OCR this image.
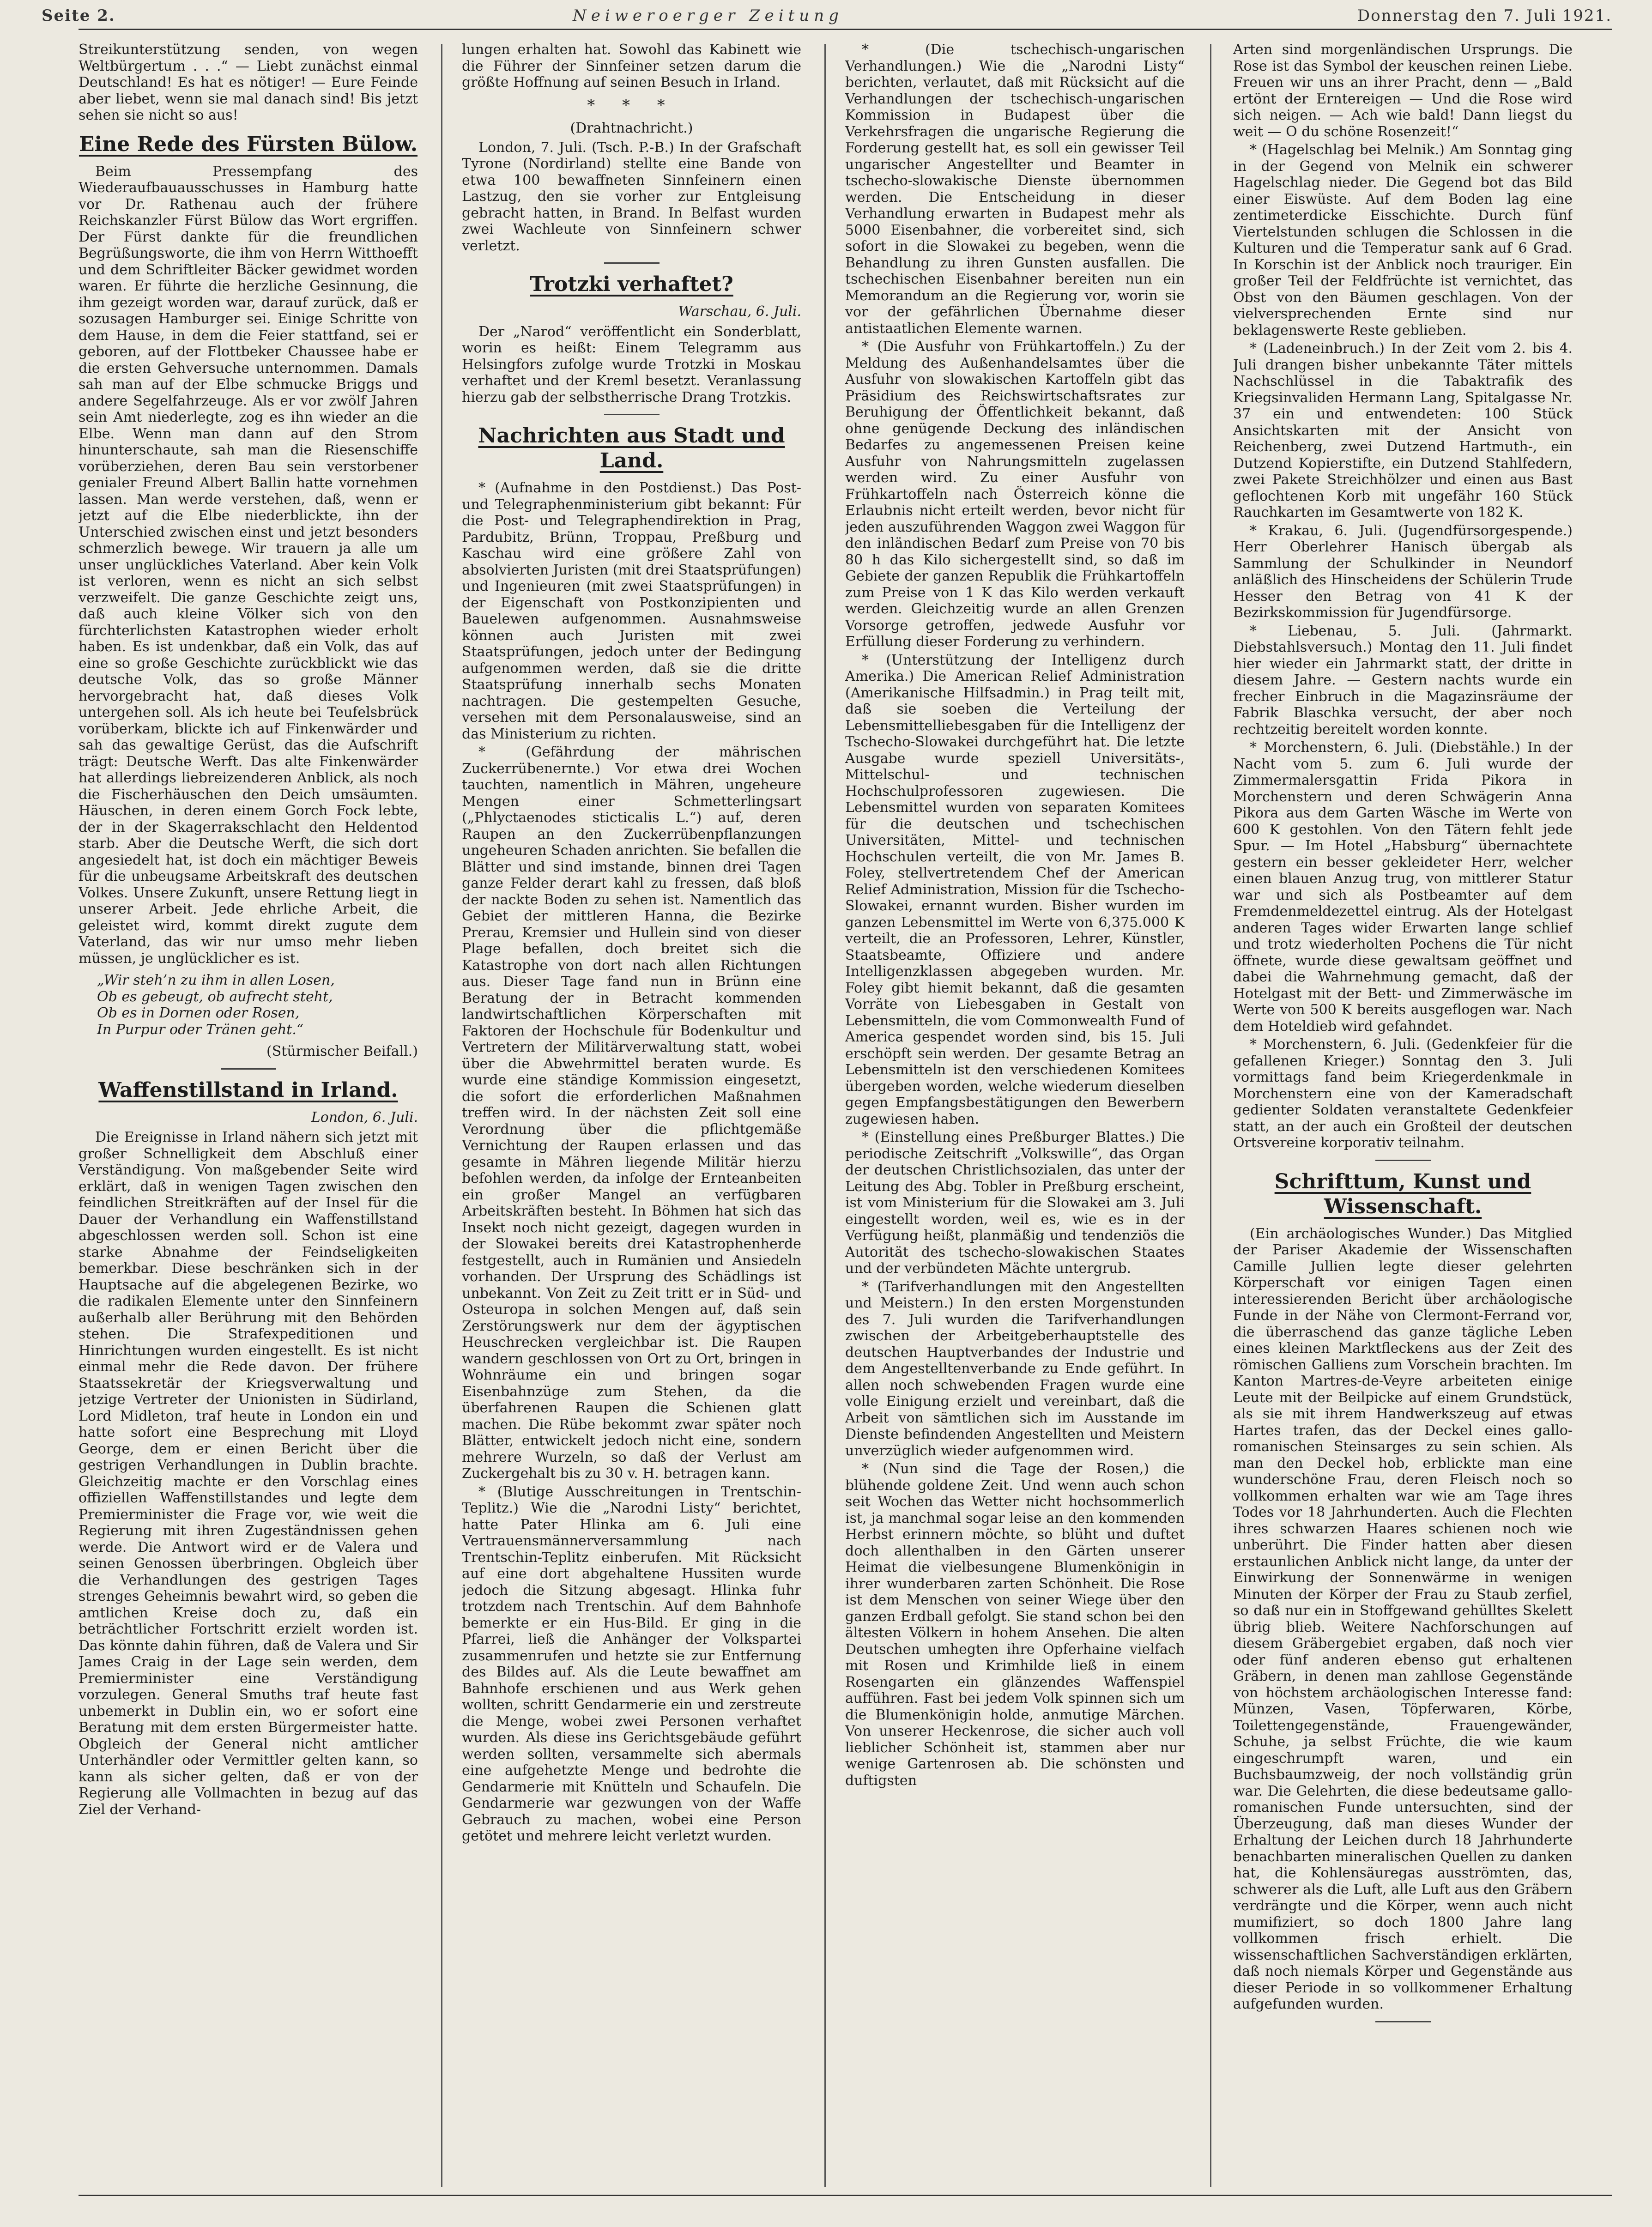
Seite 2.	Neiweroerger Zeitung	Donnerstag den 7. Juli 1921.

Streikunterstützung senden, von wegen Weltbürgertum . . .“ — Liebt zunächst einmal Deutschland! Es hat es nötiger! — Eure Feinde aber liebet, wenn sie mal danach sind! Bis jetzt sehen sie nicht so aus!

Eine Rede des Fürsten Bülow.

Beim Pressempfang des Wiederaufbauausschusses in Hamburg hatte vor Dr. Rathenau auch der frühere Reichskanzler Fürst Bülow das Wort ergriffen. Der Fürst dankte für die freundlichen Begrüßungsworte, die ihm von Herrn Witthoefft und dem Schriftleiter Bäcker gewidmet worden waren. Er führte die herzliche Gesinnung, die ihm gezeigt worden war, darauf zurück, daß er sozusagen Hamburger sei. Einige Schritte von dem Hause, in dem die Feier stattfand, sei er geboren, auf der Flottbeker Chaussee habe er die ersten Gehversuche unternommen. Damals sah man auf der Elbe schmucke Briggs und andere Segelfahrzeuge. Als er vor zwölf Jahren sein Amt niederlegte, zog es ihn wieder an die Elbe. Wenn man dann auf den Strom hinunterschaute, sah man die Riesenschiffe vorüberziehen, deren Bau sein verstorbener genialer Freund Albert Ballin hatte vornehmen lassen. Man werde verstehen, daß, wenn er jetzt auf die Elbe niederblickte, ihn der Unterschied zwischen einst und jetzt besonders schmerzlich bewege. Wir trauern ja alle um unser unglückliches Vaterland. Aber kein Volk ist verloren, wenn es nicht an sich selbst verzweifelt. Die ganze Geschichte zeigt uns, daß auch kleine Völker sich von den fürchterlichsten Katastrophen wieder erholt haben. Es ist undenkbar, daß ein Volk, das auf eine so große Geschichte zurückblickt wie das deutsche Volk, das so große Männer hervorgebracht hat, daß dieses Volk untergehen soll. Als ich heute bei Teufelsbrück vorüberkam, blickte ich auf Finkenwärder und sah das gewaltige Gerüst, das die Aufschrift trägt: Deutsche Werft. Das alte Finkenwärder hat allerdings liebreizenderen Anblick, als noch die Fischerhäuschen den Deich umsäumten. Häuschen, in deren einem Gorch Fock lebte, der in der Skagerrakschlacht den Heldentod starb. Aber die Deutsche Werft, die sich dort angesiedelt hat, ist doch ein mächtiger Beweis für die unbeugsame Arbeitskraft des deutschen Volkes. Unsere Zukunft, unsere Rettung liegt in unserer Arbeit. Jede ehrliche Arbeit, die geleistet wird, kommt direkt zugute dem Vaterland, das wir nur umso mehr lieben müssen, je unglücklicher es ist.

„Wir steh’n zu ihm in allen Losen,
Ob es gebeugt, ob aufrecht steht,
Ob es in Dornen oder Rosen,
In Purpur oder Tränen geht.“
(Stürmischer Beifall.)
Waffenstillstand in Irland.
London, 6. Juli.

Die Ereignisse in Irland nähern sich jetzt mit großer Schnelligkeit dem Abschluß einer Verständigung. Von maßgebender Seite wird erklärt, daß in wenigen Tagen zwischen den feindlichen Streitkräften auf der Insel für die Dauer der Verhandlung ein Waffenstillstand abgeschlossen werden soll. Schon ist eine starke Abnahme der Feindseligkeiten bemerkbar. Diese beschränken sich in der Hauptsache auf die abgelegenen Bezirke, wo die radikalen Elemente unter den Sinnfeinern außerhalb aller Berührung mit den Behörden stehen. Die Strafexpeditionen und Hinrichtungen wurden eingestellt. Es ist nicht einmal mehr die Rede davon. Der frühere Staatssekretär der Kriegsverwaltung und jetzige Vertreter der Unionisten in Südirland, Lord Midleton, traf heute in London ein und hatte sofort eine Besprechung mit Lloyd George, dem er einen Bericht über die gestrigen Verhandlungen in Dublin brachte. Gleichzeitig machte er den Vorschlag eines offiziellen Waffenstillstandes und legte dem Premierminister die Frage vor, wie weit die Regierung mit ihren Zugeständnissen gehen werde. Die Antwort wird er de Valera und seinen Genossen überbringen. Obgleich über die Verhandlungen des gestrigen Tages strenges Geheimnis bewahrt wird, so geben die amtlichen Kreise doch zu, daß ein beträchtlicher Fortschritt erzielt worden ist. Das könnte dahin führen, daß de Valera und Sir James Craig in der Lage sein werden, dem Premierminister eine Verständigung vorzulegen. General Smuths traf heute fast unbemerkt in Dublin ein, wo er sofort eine Beratung mit dem ersten Bürgermeister hatte. Obgleich der General nicht amtlicher Unterhändler oder Vermittler gelten kann, so kann als sicher gelten, daß er von der Regierung alle Vollmachten in bezug auf das Ziel der Verhand-

lungen erhalten hat. Sowohl das Kabinett wie die Führer der Sinnfeiner setzen darum die größte Hoffnung auf seinen Besuch in Irland.

* * *
(Drahtnachricht.)

London, 7. Juli. (Tsch. P.-B.) In der Grafschaft Tyrone (Nordirland) stellte eine Bande von etwa 100 bewaffneten Sinnfeinern einen Lastzug, den sie vorher zur Entgleisung gebracht hatten, in Brand. In Belfast wurden zwei Wachleute von Sinnfeinern schwer verletzt.

Trotzki verhaftet?
Warschau, 6. Juli.

Der „Narod“ veröffentlicht ein Sonderblatt, worin es heißt: Einem Telegramm aus Helsingfors zufolge wurde Trotzki in Moskau verhaftet und der Kreml besetzt. Veranlassung hierzu gab der selbstherrische Drang Trotzkis.

Nachrichten aus Stadt und Land.

* (Aufnahme in den Postdienst.) Das Post- und Telegraphenministerium gibt bekannt: Für die Post- und Telegraphendirektion in Prag, Pardubitz, Brünn, Troppau, Preßburg und Kaschau wird eine größere Zahl von absolvierten Juristen (mit drei Staatsprüfungen) und Ingenieuren (mit zwei Staatsprüfungen) in der Eigenschaft von Postkonzipienten und Bauelewen aufgenommen. Ausnahmsweise können auch Juristen mit zwei Staatsprüfungen, jedoch unter der Bedingung aufgenommen werden, daß sie die dritte Staatsprüfung innerhalb sechs Monaten nachtragen. Die gestempelten Gesuche, versehen mit dem Personalausweise, sind an das Ministerium zu richten.

* (Gefährdung der mährischen Zuckerrübenernte.) Vor etwa drei Wochen tauchten, namentlich in Mähren, ungeheure Mengen einer Schmetterlingsart („Phlyctaenodes sticticalis L.“) auf, deren Raupen an den Zuckerrübenpflanzungen ungeheuren Schaden anrichten. Sie befallen die Blätter und sind imstande, binnen drei Tagen ganze Felder derart kahl zu fressen, daß bloß der nackte Boden zu sehen ist. Namentlich das Gebiet der mittleren Hanna, die Bezirke Prerau, Kremsier und Hullein sind von dieser Plage befallen, doch breitet sich die Katastrophe von dort nach allen Richtungen aus. Dieser Tage fand nun in Brünn eine Beratung der in Betracht kommenden landwirtschaftlichen Körperschaften mit Faktoren der Hochschule für Bodenkultur und Vertretern der Militärverwaltung statt, wobei über die Abwehrmittel beraten wurde. Es wurde eine ständige Kommission eingesetzt, die sofort die erforderlichen Maßnahmen treffen wird. In der nächsten Zeit soll eine Verordnung über die pflichtgemäße Vernichtung der Raupen erlassen und das gesamte in Mähren liegende Militär hierzu befohlen werden, da infolge der Ernteanbeiten ein großer Mangel an verfügbaren Arbeitskräften besteht. In Böhmen hat sich das Insekt noch nicht gezeigt, dagegen wurden in der Slowakei bereits drei Katastrophenherde festgestellt, auch in Rumänien und Ansiedeln vorhanden. Der Ursprung des Schädlings ist unbekannt. Von Zeit zu Zeit tritt er in Süd- und Osteuropa in solchen Mengen auf, daß sein Zerstörungswerk nur dem der ägyptischen Heuschrecken vergleichbar ist. Die Raupen wandern geschlossen von Ort zu Ort, bringen in Wohnräume ein und bringen sogar Eisenbahnzüge zum Stehen, da die überfahrenen Raupen die Schienen glatt machen. Die Rübe bekommt zwar später noch Blätter, entwickelt jedoch nicht eine, sondern mehrere Wurzeln, so daß der Verlust am Zuckergehalt bis zu 30 v. H. betragen kann.

* (Blutige Ausschreitungen in Trentschin-Teplitz.) Wie die „Narodni Listy“ berichtet, hatte Pater Hlinka am 6. Juli eine Vertrauensmännerversammlung nach Trentschin-Teplitz einberufen. Mit Rücksicht auf eine dort abgehaltene Hussiten wurde jedoch die Sitzung abgesagt. Hlinka fuhr trotzdem nach Trentschin. Auf dem Bahnhofe bemerkte er ein Hus-Bild. Er ging in die Pfarrei, ließ die Anhänger der Volkspartei zusammenrufen und hetzte sie zur Entfernung des Bildes auf. Als die Leute bewaffnet am Bahnhofe erschienen und aus Werk gehen wollten, schritt Gendarmerie ein und zerstreute die Menge, wobei zwei Personen verhaftet wurden. Als diese ins Gerichtsgebäude geführt werden sollten, versammelte sich abermals eine aufgehetzte Menge und bedrohte die Gendarmerie mit Knütteln und Schaufeln. Die Gendarmerie war gezwungen von der Waffe Gebrauch zu machen, wobei eine Person getötet und mehrere leicht verletzt wurden.

* (Die tschechisch-ungarischen Verhandlungen.) Wie die „Narodni Listy“ berichten, verlautet, daß mit Rücksicht auf die Verhandlungen der tschechisch-ungarischen Kommission in Budapest über die Verkehrsfragen die ungarische Regierung die Forderung gestellt hat, es soll ein gewisser Teil ungarischer Angestellter und Beamter in tschecho-slowakische Dienste übernommen werden. Die Entscheidung in dieser Verhandlung erwarten in Budapest mehr als 5000 Eisenbahner, die vorbereitet sind, sich sofort in die Slowakei zu begeben, wenn die Behandlung zu ihren Gunsten ausfallen. Die tschechischen Eisenbahner bereiten nun ein Memorandum an die Regierung vor, worin sie vor der gefährlichen Übernahme dieser antistaatlichen Elemente warnen.

* (Die Ausfuhr von Frühkartoffeln.) Zu der Meldung des Außenhandelsamtes über die Ausfuhr von slowakischen Kartoffeln gibt das Präsidium des Reichswirtschaftsrates zur Beruhigung der Öffentlichkeit bekannt, daß ohne genügende Deckung des inländischen Bedarfes zu angemessenen Preisen keine Ausfuhr von Nahrungsmitteln zugelassen werden wird. Zu einer Ausfuhr von Frühkartoffeln nach Österreich könne die Erlaubnis nicht erteilt werden, bevor nicht für jeden auszuführenden Waggon zwei Waggon für den inländischen Bedarf zum Preise von 70 bis 80 h das Kilo sichergestellt sind, so daß im Gebiete der ganzen Republik die Frühkartoffeln zum Preise von 1 K das Kilo werden verkauft werden. Gleichzeitig wurde an allen Grenzen Vorsorge getroffen, jedwede Ausfuhr vor Erfüllung dieser Forderung zu verhindern.

* (Unterstützung der Intelligenz durch Amerika.) Die American Relief Administration (Amerikanische Hilfsadmin.) in Prag teilt mit, daß sie soeben die Verteilung der Lebensmittelliebesgaben für die Intelligenz der Tschecho-Slowakei durchgeführt hat. Die letzte Ausgabe wurde speziell Universitäts-, Mittelschul- und technischen Hochschulprofessoren zugewiesen. Die Lebensmittel wurden von separaten Komitees für die deutschen und tschechischen Universitäten, Mittel- und technischen Hochschulen verteilt, die von Mr. James B. Foley, stellvertretendem Chef der American Relief Administration, Mission für die Tschecho-Slowakei, ernannt wurden. Bisher wurden im ganzen Lebensmittel im Werte von 6,375.000 K verteilt, die an Professoren, Lehrer, Künstler, Staatsbeamte, Offiziere und andere Intelligenzklassen abgegeben wurden. Mr. Foley gibt hiemit bekannt, daß die gesamten Vorräte von Liebesgaben in Gestalt von Lebensmitteln, die vom Commonwealth Fund of America gespendet worden sind, bis 15. Juli erschöpft sein werden. Der gesamte Betrag an Lebensmitteln ist den verschiedenen Komitees übergeben worden, welche wiederum dieselben gegen Empfangsbestätigungen den Bewerbern zugewiesen haben.

* (Einstellung eines Preßburger Blattes.) Die periodische Zeitschrift „Volkswille“, das Organ der deutschen Christlichsozialen, das unter der Leitung des Abg. Tobler in Preßburg erscheint, ist vom Ministerium für die Slowakei am 3. Juli eingestellt worden, weil es, wie es in der Verfügung heißt, planmäßig und tendenziös die Autorität des tschecho-slowakischen Staates und der verbündeten Mächte untergrub.

* (Tarifverhandlungen mit den Angestellten und Meistern.) In den ersten Morgenstunden des 7. Juli wurden die Tarifverhandlungen zwischen der Arbeitgeberhauptstelle des deutschen Hauptverbandes der Industrie und dem Angestelltenverbande zu Ende geführt. In allen noch schwebenden Fragen wurde eine volle Einigung erzielt und vereinbart, daß die Arbeit von sämtlichen sich im Ausstande im Dienste befindenden Angestellten und Meistern unverzüglich wieder aufgenommen wird.

* (Nun sind die Tage der Rosen,) die blühende goldene Zeit. Und wenn auch schon seit Wochen das Wetter nicht hochsommerlich ist, ja manchmal sogar leise an den kommenden Herbst erinnern möchte, so blüht und duftet doch allenthalben in den Gärten unserer Heimat die vielbesungene Blumenkönigin in ihrer wunderbaren zarten Schönheit. Die Rose ist dem Menschen von seiner Wiege über den ganzen Erdball gefolgt. Sie stand schon bei den ältesten Völkern in hohem Ansehen. Die alten Deutschen umhegten ihre Opferhaine vielfach mit Rosen und Krimhilde ließ in einem Rosengarten ein glänzendes Waffenspiel aufführen. Fast bei jedem Volk spinnen sich um die Blumenkönigin holde, anmutige Märchen. Von unserer Heckenrose, die sicher auch voll lieblicher Schönheit ist, stammen aber nur wenige Gartenrosen ab. Die schönsten und duftigsten

Arten sind morgenländischen Ursprungs. Die Rose ist das Symbol der keuschen reinen Liebe. Freuen wir uns an ihrer Pracht, denn — „Bald ertönt der Erntereigen — Und die Rose wird sich neigen. — Ach wie bald! Dann liegst du weit — O du schöne Rosenzeit!“

* (Hagelschlag bei Melnik.) Am Sonntag ging in der Gegend von Melnik ein schwerer Hagelschlag nieder. Die Gegend bot das Bild einer Eiswüste. Auf dem Boden lag eine zentimeterdicke Eisschichte. Durch fünf Viertelstunden schlugen die Schlossen in die Kulturen und die Temperatur sank auf 6 Grad. In Korschin ist der Anblick noch trauriger. Ein großer Teil der Feldfrüchte ist vernichtet, das Obst von den Bäumen geschlagen. Von der vielversprechenden Ernte sind nur beklagenswerte Reste geblieben.

* (Ladeneinbruch.) In der Zeit vom 2. bis 4. Juli drangen bisher unbekannte Täter mittels Nachschlüssel in die Tabaktrafik des Kriegsinvaliden Hermann Lang, Spitalgasse Nr. 37 ein und entwendeten: 100 Stück Ansichtskarten mit der Ansicht von Reichenberg, zwei Dutzend Hartmuth-, ein Dutzend Kopierstifte, ein Dutzend Stahlfedern, zwei Pakete Streichhölzer und einen aus Bast geflochtenen Korb mit ungefähr 160 Stück Rauchkarten im Gesamtwerte von 182 K.

* Krakau, 6. Juli. (Jugendfürsorgespende.) Herr Oberlehrer Hanisch übergab als Sammlung der Schulkinder in Neundorf anläßlich des Hinscheidens der Schülerin Trude Hesser den Betrag von 41 K der Bezirkskommission für Jugendfürsorge.

* Liebenau, 5. Juli. (Jahrmarkt. Diebstahlsversuch.) Montag den 11. Juli findet hier wieder ein Jahrmarkt statt, der dritte in diesem Jahre. — Gestern nachts wurde ein frecher Einbruch in die Magazinsräume der Fabrik Blaschka versucht, der aber noch rechtzeitig bereitelt worden konnte.

* Morchenstern, 6. Juli. (Diebstähle.) In der Nacht vom 5. zum 6. Juli wurde der Zimmermalersgattin Frida Pikora in Morchenstern und deren Schwägerin Anna Pikora aus dem Garten Wäsche im Werte von 600 K gestohlen. Von den Tätern fehlt jede Spur. — Im Hotel „Habsburg“ übernachtete gestern ein besser gekleideter Herr, welcher einen blauen Anzug trug, von mittlerer Statur war und sich als Postbeamter auf dem Fremdenmeldezettel eintrug. Als der Hotelgast anderen Tages wider Erwarten lange schlief und trotz wiederholten Pochens die Tür nicht öffnete, wurde diese gewaltsam geöffnet und dabei die Wahrnehmung gemacht, daß der Hotelgast mit der Bett- und Zimmerwäsche im Werte von 500 K bereits ausgeflogen war. Nach dem Hoteldieb wird gefahndet.

* Morchenstern, 6. Juli. (Gedenkfeier für die gefallenen Krieger.) Sonntag den 3. Juli vormittags fand beim Kriegerdenkmale in Morchenstern eine von der Kameradschaft gedienter Soldaten veranstaltete Gedenkfeier statt, an der auch ein Großteil der deutschen Ortsvereine korporativ teilnahm.

Schrifttum, Kunst und Wissenschaft.

(Ein archäologisches Wunder.) Das Mitglied der Pariser Akademie der Wissenschaften Camille Jullien legte dieser gelehrten Körperschaft vor einigen Tagen einen interessierenden Bericht über archäologische Funde in der Nähe von Clermont-Ferrand vor, die überraschend das ganze tägliche Leben eines kleinen Marktfleckens aus der Zeit des römischen Galliens zum Vorschein brachten. Im Kanton Martres-de-Veyre arbeiteten einige Leute mit der Beilpicke auf einem Grundstück, als sie mit ihrem Handwerkszeug auf etwas Hartes trafen, das der Deckel eines gallo-romanischen Steinsarges zu sein schien. Als man den Deckel hob, erblickte man eine wunderschöne Frau, deren Fleisch noch so vollkommen erhalten war wie am Tage ihres Todes vor 18 Jahrhunderten. Auch die Flechten ihres schwarzen Haares schienen noch wie unberührt. Die Finder hatten aber diesen erstaunlichen Anblick nicht lange, da unter der Einwirkung der Sonnenwärme in wenigen Minuten der Körper der Frau zu Staub zerfiel, so daß nur ein in Stoffgewand gehülltes Skelett übrig blieb. Weitere Nachforschungen auf diesem Gräbergebiet ergaben, daß noch vier oder fünf anderen ebenso gut erhaltenen Gräbern, in denen man zahllose Gegenstände von höchstem archäologischen Interesse fand: Münzen, Vasen, Töpferwaren, Körbe, Toilettengegenstände, Frauengewänder, Schuhe, ja selbst Früchte, die wie kaum eingeschrumpft waren, und ein Buchsbaumzweig, der noch vollständig grün war. Die Gelehrten, die diese bedeutsame gallo-romanischen Funde untersuchten, sind der Überzeugung, daß man dieses Wunder der Erhaltung der Leichen durch 18 Jahrhunderte benachbarten mineralischen Quellen zu danken hat, die Kohlensäuregas ausströmten, das, schwerer als die Luft, alle Luft aus den Gräbern verdrängte und die Körper, wenn auch nicht mumifiziert, so doch 1800 Jahre lang vollkommen frisch erhielt. Die wissenschaftlichen Sachverständigen erklärten, daß noch niemals Körper und Gegenstände aus dieser Periode in so vollkommener Erhaltung aufgefunden wurden.
